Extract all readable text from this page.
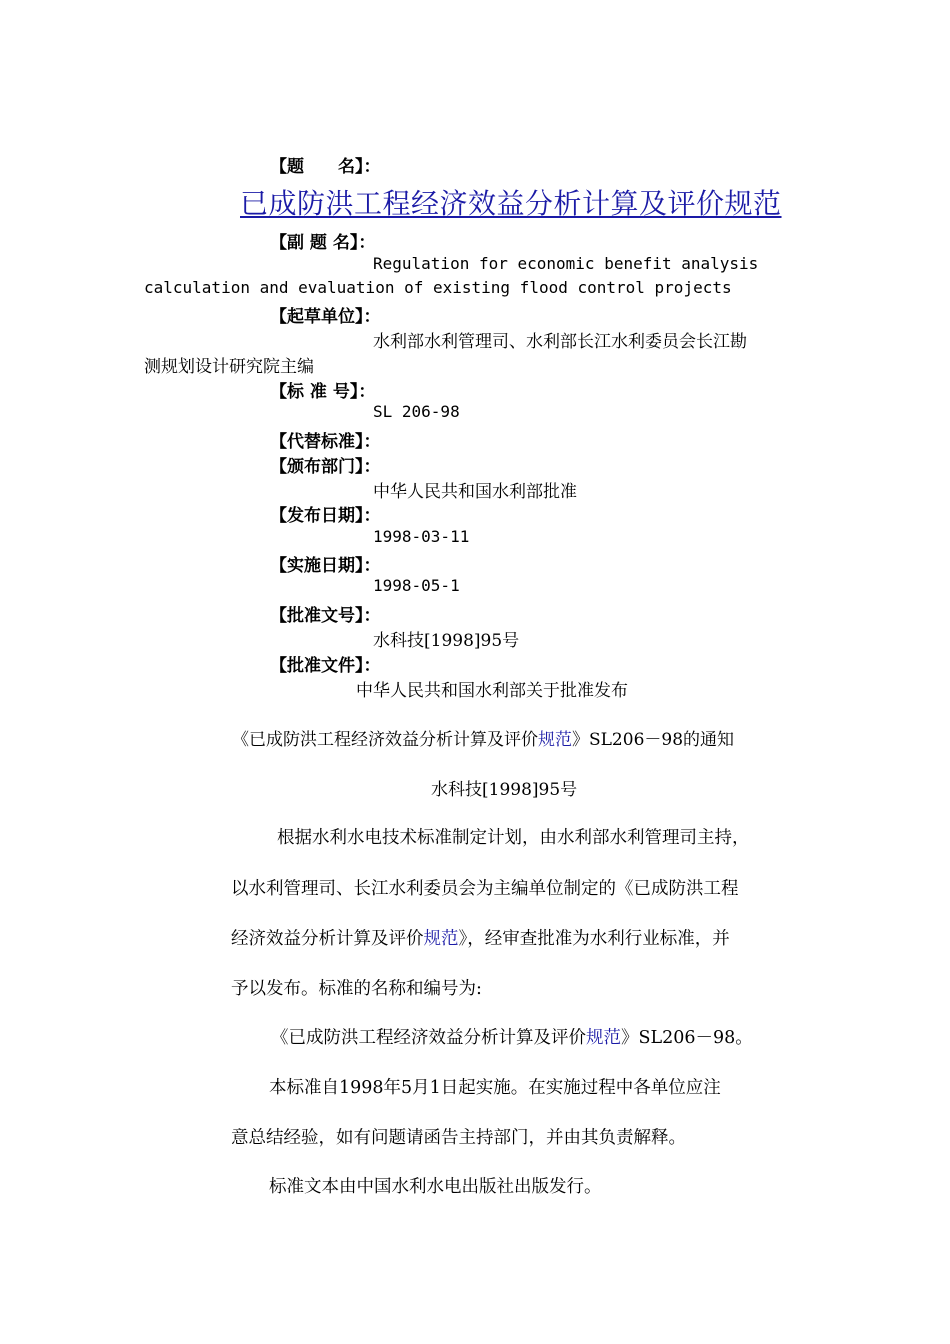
【题　　名】：
已成防洪工程经济效益分析计算及评价规范
【副 题 名】：
Regulation for economic benefit analysis
calculation and evaluation of existing flood control projects
【起草单位】：
水利部水利管理司、水利部长江水利委员会长江勘
测规划设计研究院主编
【标 准 号】：
SL 206-98
【代替标准】：
【颁布部门】：
中华人民共和国水利部批准
【发布日期】：
1998-03-11
【实施日期】：
1998-05-1
【批准文号】：
水科技[1998]95号
【批准文件】：
中华人民共和国水利部关于批准发布
《已成防洪工程经济效益分析计算及评价规范》SL206－98的通知
水科技[1998]95号
根据水利水电技术标准制定计划，由水利部水利管理司主持，
以水利管理司、长江水利委员会为主编单位制定的《已成防洪工程
经济效益分析计算及评价规范》，经审查批准为水利行业标准，并
予以发布。标准的名称和编号为:
《已成防洪工程经济效益分析计算及评价规范》SL206－98。
本标准自1998年5月1日起实施。在实施过程中各单位应注
意总结经验，如有问题请函告主持部门，并由其负责解释。
标准文本由中国水利水电出版社出版发行。
